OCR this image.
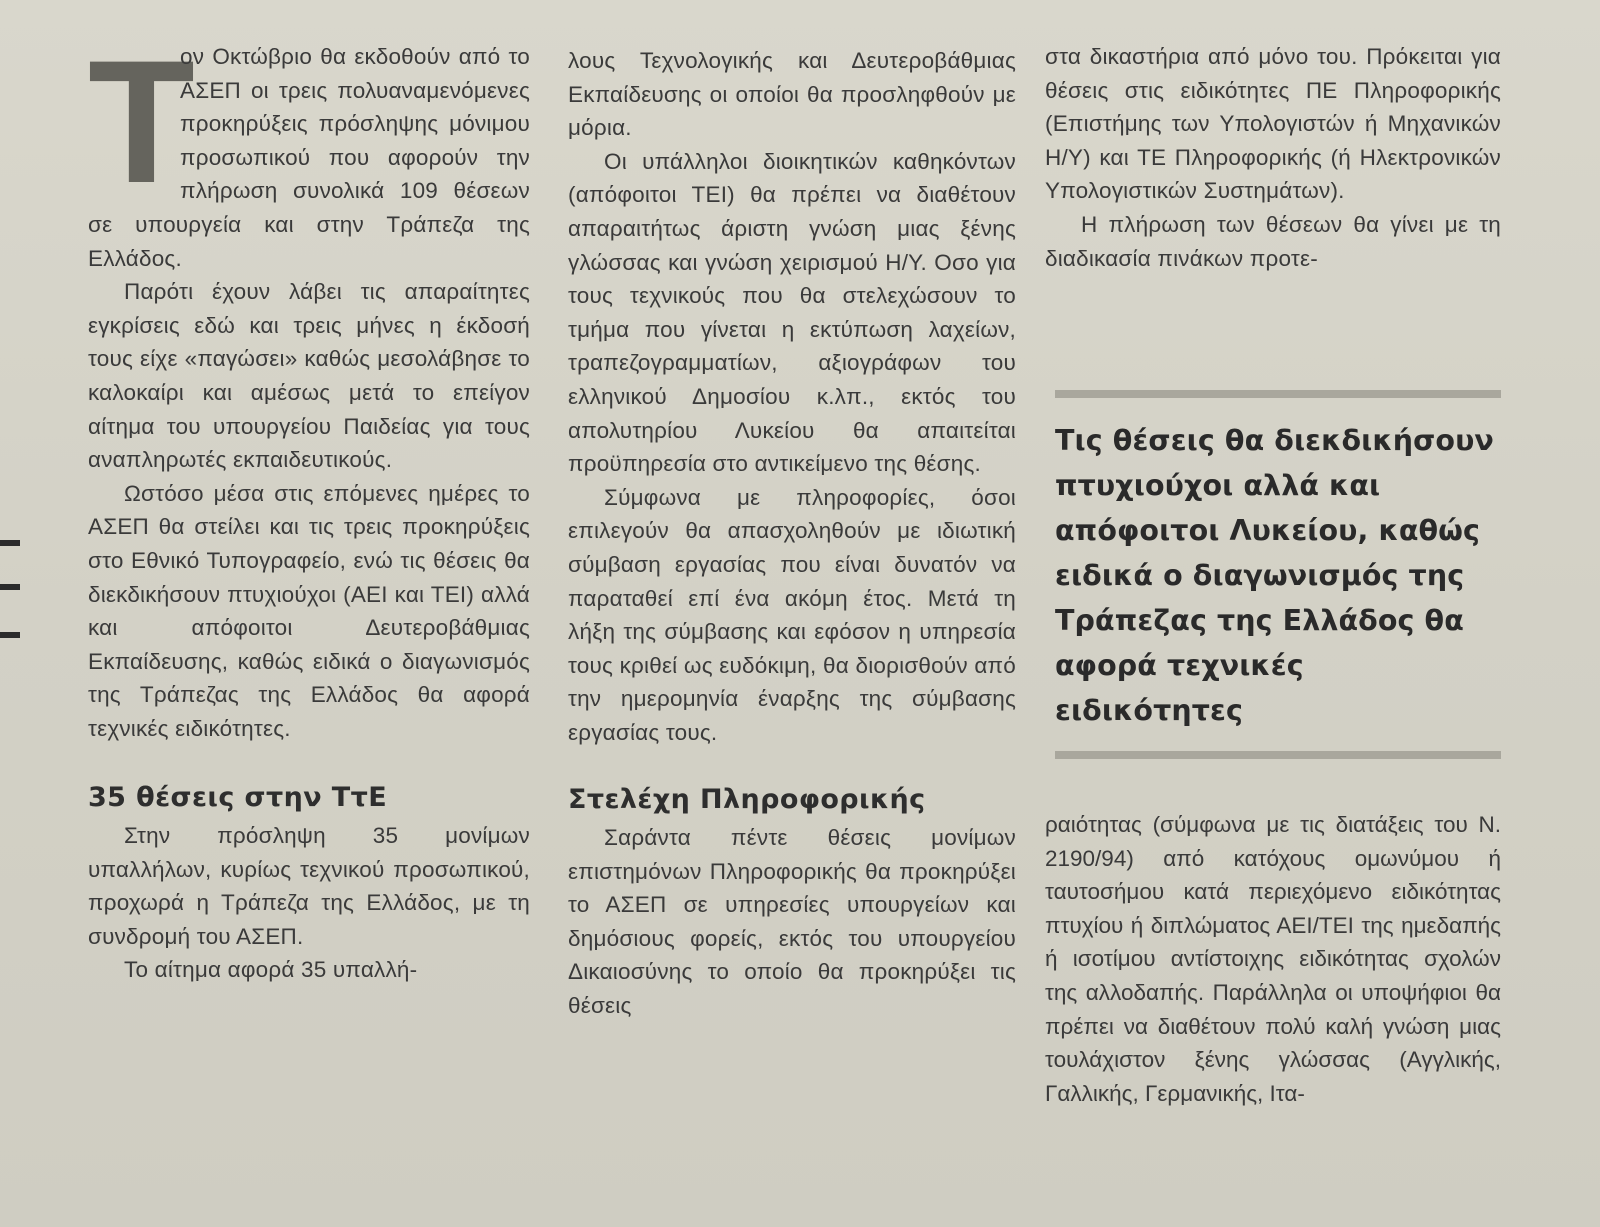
Τ

ον Οκτώβριο θα εκδοθούν από το ΑΣΕΠ οι τρεις πολυαναμενόμενες προκηρύξεις πρόσληψης μόνιμου προσωπικού που αφορούν την πλήρωση συνολικά 109 θέσεων σε υπουργεία και στην Τράπεζα της Ελλάδος.

Παρότι έχουν λάβει τις απαραίτητες εγκρίσεις εδώ και τρεις μήνες η έκδοσή τους είχε «παγώσει» καθώς μεσολάβησε το καλοκαίρι και αμέσως μετά το επείγον αίτημα του υπουργείου Παιδείας για τους αναπληρωτές εκπαιδευτικούς.

Ωστόσο μέσα στις επόμενες ημέρες το ΑΣΕΠ θα στείλει και τις τρεις προκηρύξεις στο Εθνικό Τυπογραφείο, ενώ τις θέσεις θα διεκδικήσουν πτυχιούχοι (ΑΕΙ και ΤΕΙ) αλλά και απόφοιτοι Δευτεροβάθμιας Εκπαίδευσης, καθώς ειδικά ο διαγωνισμός της Τράπεζας της Ελλάδος θα αφορά τεχνικές ειδικότητες.

35 θέσεις στην ΤτΕ

Στην πρόσληψη 35 μονίμων υπαλλήλων, κυρίως τεχνικού προσωπικού, προχωρά η Τράπεζα της Ελλάδος, με τη συνδρομή του ΑΣΕΠ.

Το αίτημα αφορά 35 υπαλλή-

λους Τεχνολογικής και Δευτεροβάθμιας Εκπαίδευσης οι οποίοι θα προσληφθούν με μόρια.

Οι υπάλληλοι διοικητικών καθηκόντων (απόφοιτοι ΤΕΙ) θα πρέπει να διαθέτουν απαραιτήτως άριστη γνώση μιας ξένης γλώσσας και γνώση χειρισμού Η/Υ. Οσο για τους τεχνικούς που θα στελεχώσουν το τμήμα που γίνεται η εκτύπωση λαχείων, τραπεζογραμματίων, αξιογράφων του ελληνικού Δημοσίου κ.λπ., εκτός του απολυτηρίου Λυκείου θα απαιτείται προϋπηρεσία στο αντικείμενο της θέσης.

Σύμφωνα με πληροφορίες, όσοι επιλεγούν θα απασχοληθούν με ιδιωτική σύμβαση εργασίας που είναι δυνατόν να παραταθεί επί ένα ακόμη έτος. Μετά τη λήξη της σύμβασης και εφόσον η υπηρεσία τους κριθεί ως ευδόκιμη, θα διορισθούν από την ημερομηνία έναρξης της σύμβασης εργασίας τους.

Στελέχη Πληροφορικής

Σαράντα πέντε θέσεις μονίμων επιστημόνων Πληροφορικής θα προκηρύξει το ΑΣΕΠ σε υπηρεσίες υπουργείων και δημόσιους φορείς, εκτός του υπουργείου Δικαιοσύνης το οποίο θα προκηρύξει τις θέσεις

στα δικαστήρια από μόνο του. Πρόκειται για θέσεις στις ειδικότητες ΠΕ Πληροφορικής (Επιστήμης των Υπολογιστών ή Μηχανικών Η/Υ) και ΤΕ Πληροφορικής (ή Ηλεκτρονικών Υπολογιστικών Συστημάτων).

Η πλήρωση των θέσεων θα γίνει με τη διαδικασία πινάκων προτε-

Τις θέσεις θα διεκδικήσουν πτυχιούχοι αλλά και απόφοιτοι Λυκείου, καθώς ειδικά ο διαγωνισμός της Τράπεζας της Ελλάδος θα αφορά τεχνικές ειδικότητες

ραιότητας (σύμφωνα με τις διατάξεις του Ν. 2190/94) από κατόχους ομωνύμου ή ταυτοσήμου κατά περιεχόμενο ειδικότητας πτυχίου ή διπλώματος ΑΕΙ/ΤΕΙ της ημεδαπής ή ισοτίμου αντίστοιχης ειδικότητας σχολών της αλλοδαπής. Παράλληλα οι υποψήφιοι θα πρέπει να διαθέτουν πολύ καλή γνώση μιας τουλάχιστον ξένης γλώσσας (Αγγλικής, Γαλλικής, Γερμανικής, Ιτα-
